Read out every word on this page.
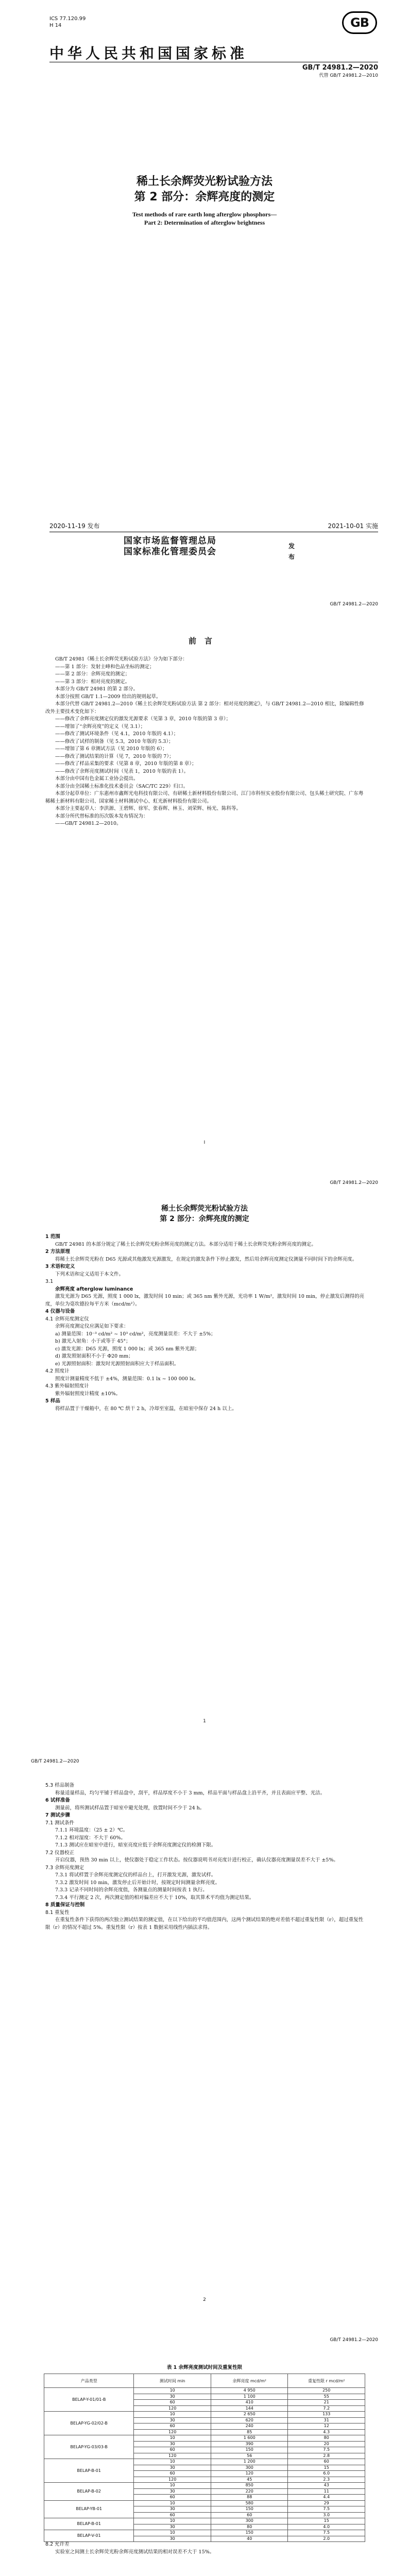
ICS 77.120.99
H 14	GB
中华人民共和国国家标准
GB/T 24981.2—2020
代替 GB/T 24981.2—2010
稀土长余辉荧光粉试验方法
第 2 部分：余辉亮度的测定
Test methods of rare earth long afterglow phosphors—
Part 2: Determination of afterglow brightness
2020-11-19 发布	2021-10-01 实施
国家市场监督管理总局
国家标准化管理委员会
发布
GB/T 24981.2—2020
前言

GB/T 24981《稀土长余辉荧光粉试验方法》分为如下部分：

——第 1 部分：发射主峰和色品坐标的测定；

——第 2 部分：余辉亮度的测定；

——第 3 部分：相对亮度的测定。

本部分为 GB/T 24981 的第 2 部分。

本部分按照 GB/T 1.1—2009 给出的规则起草。

本部分代替 GB/T 24981.2—2010《稀土长余辉荧光粉试验方法 第 2 部分：相对亮度的测定》，与 GB/T 24981.2—2010 相比，除编辑性修改外主要技术变化如下：

——修改了余辉亮度测定仪的激发光源要求（见第 3 章，2010 年版的第 3 章）；

——增加了“余辉亮度”的定义（见 3.1）；

——修改了测试环境条件（见 4.1，2010 年版的 4.1）；

——修改了试样的制备（见 5.3，2010 年版的 5.3）；

——增加了第 6 章测试方法（见 2010 年版的 6）；

——修改了测试结果的计算（见 7，2010 年版的 7）；

——修改了样品采集的要求（见第 8 章，2010 年版的第 8 章）；

——修改了余辉亮度测试时间（见表 1，2010 年版的表 1）。

本部分由中国有色金属工业协会提出。

本部分由全国稀土标准化技术委员会（SAC/TC 229）归口。

本部分起草单位：广东惠州市鑫辉光电科技有限公司、有研稀土新材料股份有限公司、江门市科恒实业股份有限公司、包头稀土研究院、广东粤稀稀土新材料有限公司、国家稀土材料测试中心、虹光新材料股份有限公司。

本部分主要起草人：李洪源、王碧辉、徐军、张春辉、林玉、刘荣辉、杨光、陈科等。

本部分所代替标准的历次版本发布情况为：

——GB/T 24981.2—2010。

I
GB/T 24981.2—2020
稀土长余辉荧光粉试验方法
第 2 部分：余辉亮度的测定

1 范围

GB/T 24981 的本部分规定了稀土长余辉荧光粉余辉亮度的测定方法。本部分适用于稀土长余辉荧光粉余辉亮度的测定。

2 方法原理

将稀土长余辉荧光粉在 D65 光源或其他激发光源激发，在规定的激发条件下停止激发，然后用余辉亮度测定仪测量不同时间下的余辉亮度。

3 术语和定义

下列术语和定义适用于本文件。

3.1

余辉亮度 afterglow luminance

激发光源为 D65 光源，照度 1 000 lx，激发时间 10 min；或 365 nm 紫外光源，光功率 1 W/m²，激发时间 10 min，停止激发后测得的亮度，单位为毫坎德拉每平方米（mcd/m²）。

4 仪器与设备

4.1 余辉亮度测定仪

余辉亮度测定仪应满足如下要求：

a) 测量范围：10⁻³ cd/m² ~ 10³ cd/m²，亮度测量误差：不大于 ±5%；

b) 激光入射角：小于或等于 45°；

c) 激发光源：D65 光源，照度 1 000 lx；或 365 nm 紫外光源；

d) 激发照射面积不小于 Φ20 mm；

e) 光源照射面积：激发时光源照射面积应大于样品面积。

4.2 照度计

照度计测量精度不低于 ±4%，测量范围：0.1 lx ~ 100 000 lx。

4.3 紫外辐射照度计

紫外辐射照度计精度 ±10%。

5 样品

将样品置于干燥箱中，在 80 ℃ 烘干 2 h，冷却至室温，在暗室中保存 24 h 以上。

1
GB/T 24981.2—2020

5.3 样品制备

称量适量样品，均匀平铺于样品盘中，刮平，样品厚度不小于 3 mm，样品平面与样品盘上沿平齐，并且表面应平整、光洁。

6 试样准备

测量前，将所测试样品置于暗室中避光处理，放置时间不少于 24 h。

7 测试步骤

7.1 测试条件

7.1.1 环境温度：（25 ± 2）℃。

7.1.2 相对湿度：不大于 60%。

7.1.3 测试应在暗室中进行，暗室亮度应低于余辉亮度测定仪的检测下限。

7.2 仪器校正

开启仪器，预热 30 min 以上，使仪器处于稳定工作状态。按仪器说明书对亮度计进行校正，确认仪器亮度测量误差不大于 ±5%。

7.3 余辉亮度测定

7.3.1 将试样置于余辉亮度测定仪的样品台上，打开激发光源，激发试样。

7.3.2 激发时间 10 min，激发停止后开始计时，按规定时间测量余辉亮度。

7.3.3 记录不同时间的余辉亮度值，各测量点的测量时间按表 1 执行。

7.3.4 平行测定 2 次，两次测定值的相对偏差应不大于 10%，取其算术平均值为测定结果。

8 质量保证与控制

8.1 重复性

在重复性条件下获得的两次独立测试结果的测定值，在以下给出的平均值范围内，这两个测试结果的绝对差值不超过重复性限（r），超过重复性限（r）的情况不超过 5%。重复性限（r）按表 1 数据采用线性内插法求得。

2
GB/T 24981.2—2020
表 1 余辉亮度测试时间及重复性限
产品类型	测试时间 min	余辉亮度 mcd/m²	重复性限 r mcd/m²
BELAP-Y-01/01-B	10	4 950	250
	30	1 100	55
	60	410	21
	120	144	7.2
BELAP-YG-02/02-B	10	2 650	133
	30	620	31
	60	240	12
	120	85	4.3
BELAP-YG-03/03-B	10	1 600	80
	30	390	20
	60	150	7.5
	120	56	2.8
BELAP-B-01	10	1 200	60
	30	300	15
	60	120	6.0
	120	45	2.3
BELAP-B-02	10	850	43
	30	220	11
	60	88	4.4
BELAP-YB-01	10	580	29
	30	150	7.5
	60	60	3.0
BELAP-B-01	10	300	15
	30	80	4.0
BELAP-V-01	10	150	7.5
	30	40	2.0

8.2 允许差

实验室之间测土长余辉荧光粉余辉亮度测试结果的相对误差不大于 15%。
